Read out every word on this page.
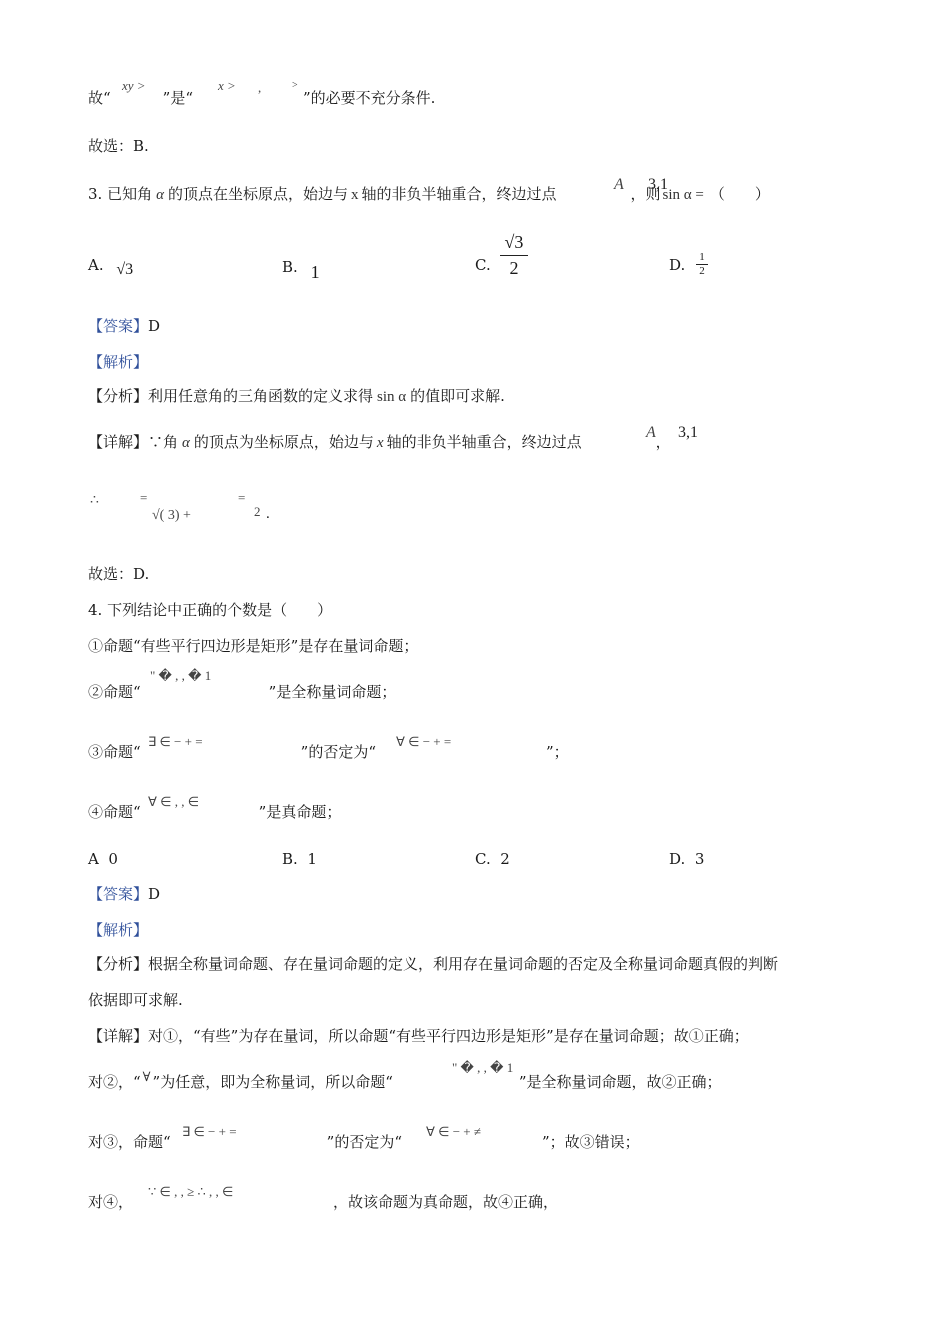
故“	”是“	”的必要不充分条件.
xy >	x > ,	>
故选：B.
3. 已知角 α 的顶点在坐标原点，始边与 x 轴的非负半轴重合，终边过点	，则 sin α = （　　）
A 3,1
A. √3	B. 1	C.
√3
2	D. 1
2
【答案】D
【解析】
【分析】利用任意角的三角函数的定义求得 sin α 的值即可求解.
【详解】∵角 α 的顶点为坐标原点，始边与 x 轴的非负半轴重合，终边过点	，
A 3,1
∴	=
√( 3) +
=
2 .
故选：D.
4. 下列结论中正确的个数是（　　）
①命题“有些平行四边形是矩形”是存在量词命题；
②命题“	”是全称量词命题；
" � , , � 1
③命题“	”的否定为“	”；
∃ ∈ − + =	∀ ∈ − + =
④命题“	”是真命题；
∀ ∈ , , ∈
A 0	B. 1	C. 2	D. 3
【答案】D
【解析】
【分析】根据全称量词命题、存在量词命题的定义，利用存在量词命题的否定及全称量词命题真假的判断
依据即可求解.
【详解】对①，“有些”为存在量词，所以命题“有些平行四边形是矩形”是存在量词命题；故①正确；
对②，“ ∀ ”为任意，即为全称量词，所以命题“	”是全称量词命题，故②正确；
" � , , � 1
对③，命题“	”的否定为“	”；故③错误；
∃ ∈ − + =	∀ ∈ − + ≠
对④，	，故该命题为真命题，故④正确，
∵ ∈ , , ≥ ∴ , , ∈
